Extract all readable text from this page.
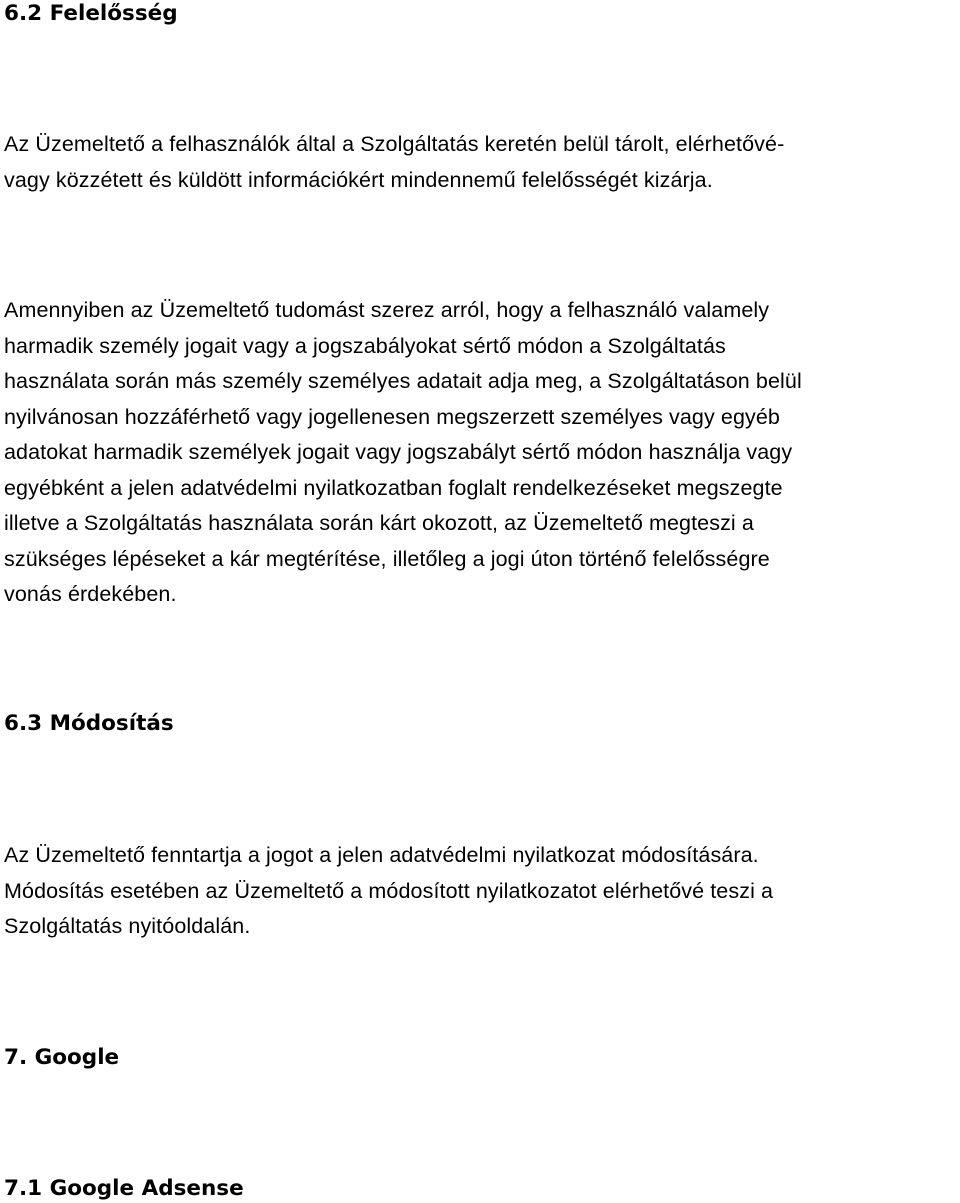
6.2 Felelősség

Az Üzemeltető a felhasználók által a Szolgáltatás keretén belül tárolt, elérhetővé-
vagy közzétett és küldött információkért mindennemű felelősségét kizárja.

Amennyiben az Üzemeltető tudomást szerez arról, hogy a felhasználó valamely
harmadik személy jogait vagy a jogszabályokat sértő módon a Szolgáltatás
használata során más személy személyes adatait adja meg, a Szolgáltatáson belül
nyilvánosan hozzáférhető vagy jogellenesen megszerzett személyes vagy egyéb
adatokat harmadik személyek jogait vagy jogszabályt sértő módon használja vagy
egyébként a jelen adatvédelmi nyilatkozatban foglalt rendelkezéseket megszegte
illetve a Szolgáltatás használata során kárt okozott, az Üzemeltető megteszi a
szükséges lépéseket a kár megtérítése, illetőleg a jogi úton történő felelősségre
vonás érdekében.

6.3 Módosítás

Az Üzemeltető fenntartja a jogot a jelen adatvédelmi nyilatkozat módosítására.
Módosítás esetében az Üzemeltető a módosított nyilatkozatot elérhetővé teszi a
Szolgáltatás nyitóoldalán.

7. Google
7.1 Google Adsense
